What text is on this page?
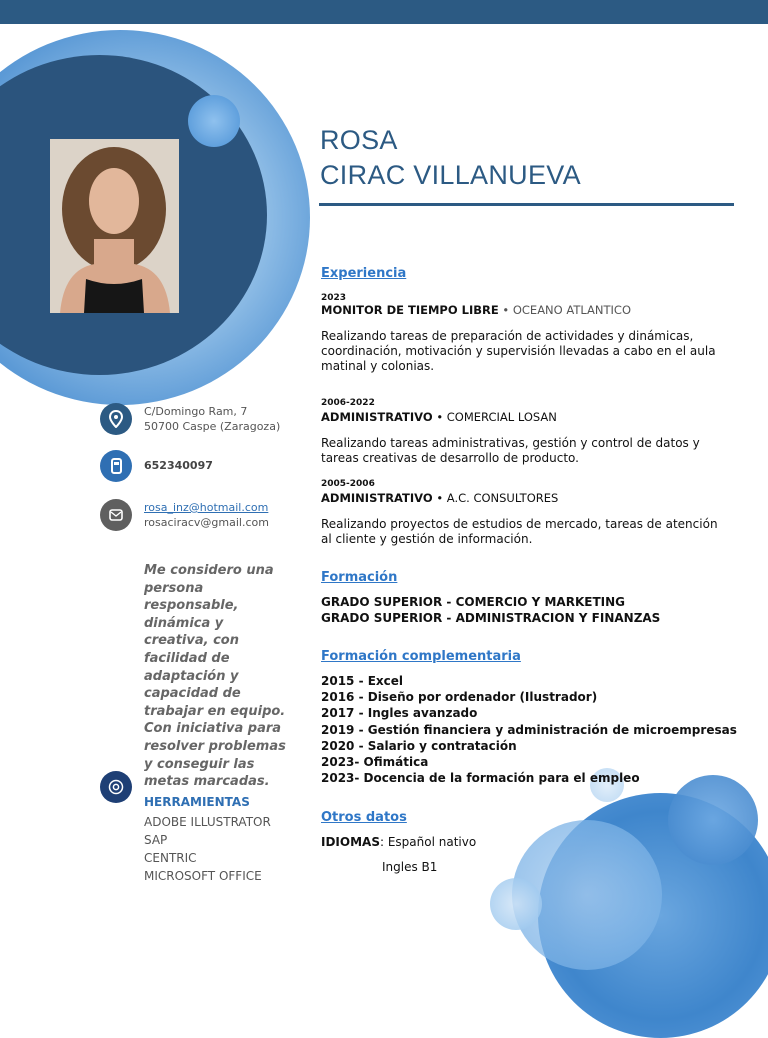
ROSA
CIRAC VILLANUEVA
C/Domingo Ram, 7
50700 Caspe (Zaragoza)
652340097
rosa_inz@hotmail.com
rosaciracv@gmail.com
Me considero una persona responsable, dinámica y creativa, con facilidad de adaptación y capacidad de trabajar en equipo. Con iniciativa para resolver problemas y conseguir las metas marcadas.
HERRAMIENTAS
ADOBE ILLUSTRATOR
SAP
CENTRIC
MICROSOFT OFFICE
Experiencia
2023
MONITOR DE TIEMPO LIBRE • OCEANO ATLANTICO
Realizando tareas de preparación de actividades y dinámicas, coordinación, motivación y supervisión llevadas a cabo en el aula matinal y colonias.
2006-2022
ADMINISTRATIVO • COMERCIAL LOSAN
Realizando tareas administrativas, gestión y control de datos y tareas creativas de desarrollo de producto.
2005-2006
ADMINISTRATIVO • A.C. CONSULTORES
Realizando proyectos de estudios de mercado, tareas de atención al cliente y gestión de información.
Formación
GRADO SUPERIOR - COMERCIO Y MARKETING
GRADO SUPERIOR - ADMINISTRACION Y FINANZAS
Formación complementaria
2015 - Excel
2016 - Diseño por ordenador (Ilustrador)
2017 - Ingles avanzado
2019 - Gestión financiera y administración de microempresas
2020 - Salario y contratación
2023- Ofimática
2023- Docencia de la formación para el empleo
Otros datos
IDIOMAS: Español nativo
Ingles B1
